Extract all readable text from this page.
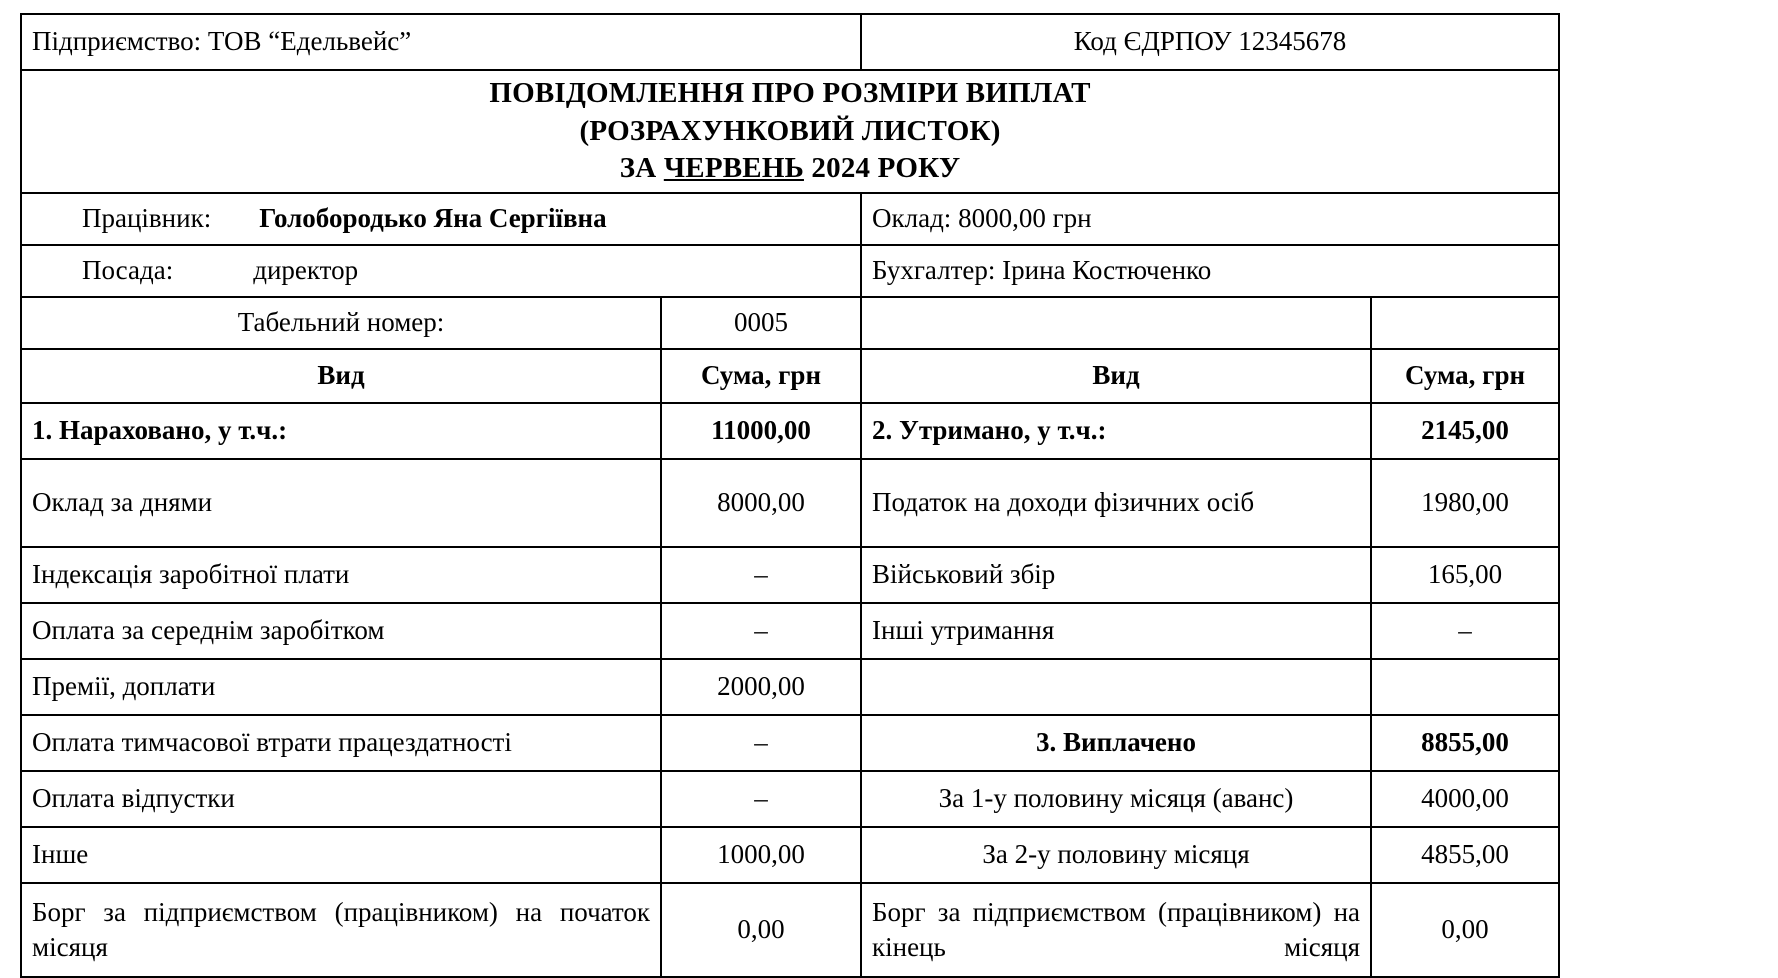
Підприємство: ТОВ “Едельвейс”		Код ЄДРПОУ 12345678	

ПОВІДОМЛЕННЯ ПРО РОЗМІРИ ВИПЛАТ
(РОЗРАХУНКОВИЙ ЛИСТОК)
ЗА ЧЕРВЕНЬ 2024 РОКУ			

Працівник: Голобородько Яна Сергіївна		Оклад: 8000,00 грн	
Посада: директор		Бухгалтер: Ірина Костюченко	
Табельний номер:	0005		
Вид	Сума, грн	Вид	Сума, грн
1. Нараховано, у т.ч.:	11000,00	2. Утримано, у т.ч.:	2145,00
Оклад за днями	8000,00	Податок на доходи фізичних осіб	1980,00
Індексація заробітної плати	–	Військовий збір	165,00
Оплата за середнім заробітком	–	Інші утримання	–
Премії, доплати	2000,00		
Оплата тимчасової втрати працездатності	–	3. Виплачено	8855,00
Оплата відпустки	–	За 1-у половину місяця (аванс)	4000,00
Інше	1000,00	За 2-у половину місяця	4855,00
Борг за підприємством (працівником) на початок місяця	0,00	Борг за підприємством (працівником) на кінець місяця	0,00
